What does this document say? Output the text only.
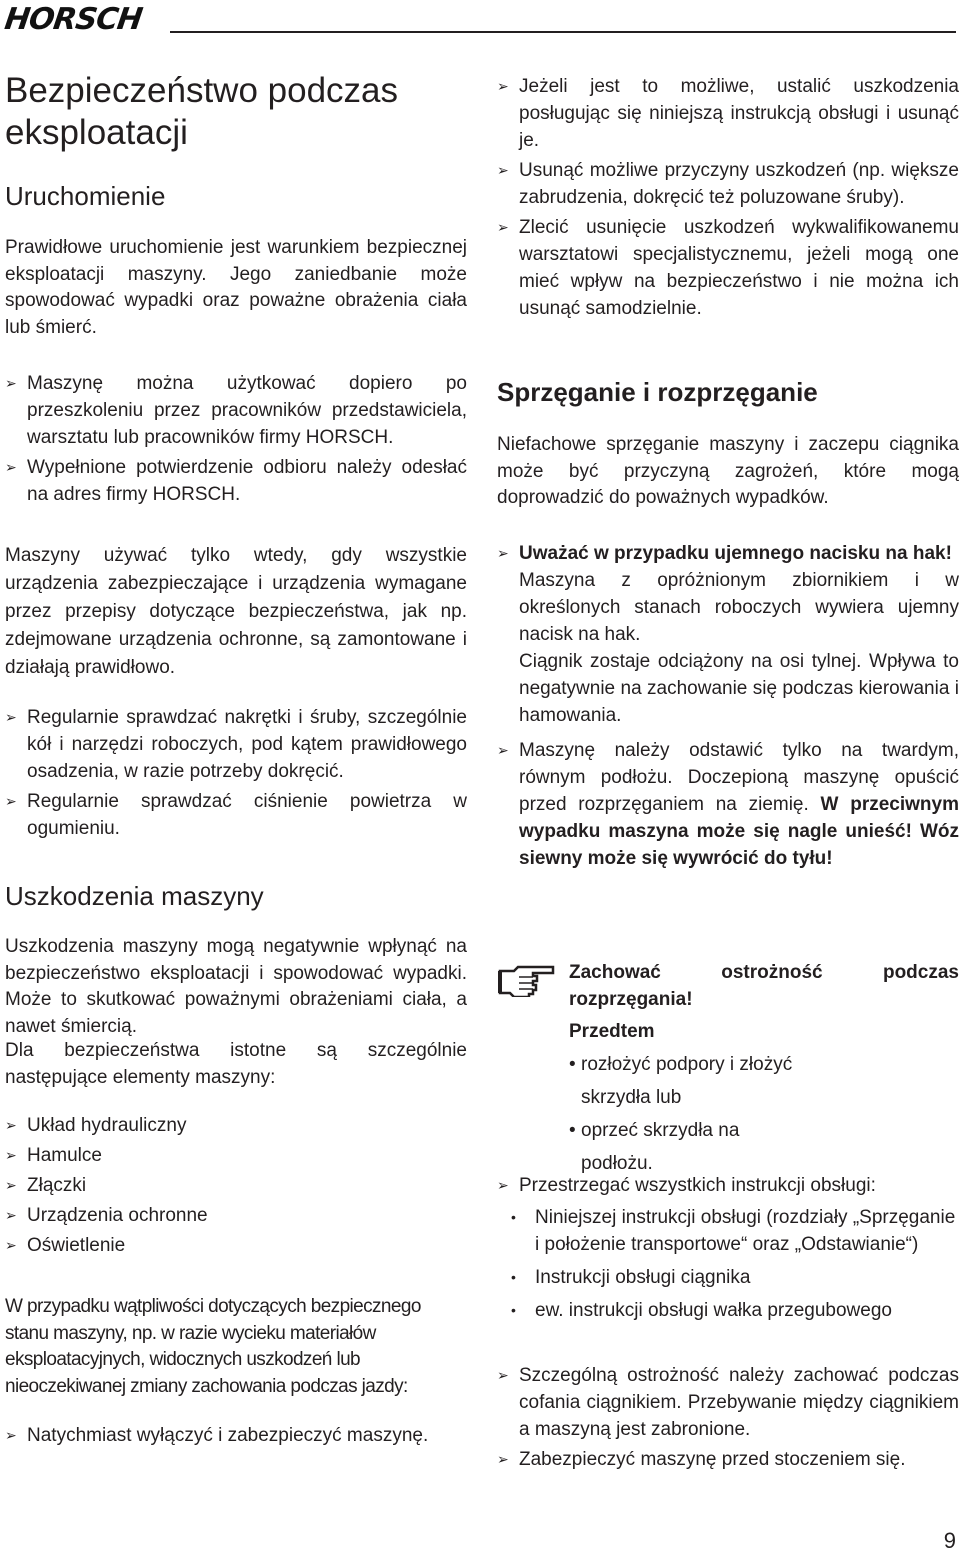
HORSCH
Bezpieczeństwo podczas eksploatacji
Uruchomienie

Prawidłowe uruchomienie jest warunkiem bezpiecznej eksploatacji maszyny. Jego zaniedbanie może spowodować wypadki oraz poważne obrażenia ciała lub śmierć.

➢ Maszynę można użytkować dopiero po przeszkoleniu przez pracowników przedstawiciela, warsztatu lub pracowników firmy HORSCH.
➢ Wypełnione potwierdzenie odbioru należy odesłać na adres firmy HORSCH.

Maszyny używać tylko wtedy, gdy wszystkie urządzenia zabezpieczające i urządzenia wymagane przez przepisy dotyczące bezpieczeństwa, jak np. zdejmowane urządzenia ochronne, są zamontowane i działają prawidłowo.

➢ Regularnie sprawdzać nakrętki i śruby, szczególnie kół i narzędzi roboczych, pod kątem prawidłowego osadzenia, w razie potrzeby dokręcić.
➢ Regularnie sprawdzać ciśnienie powietrza w ogumieniu.
Uszkodzenia maszyny

Uszkodzenia maszyny mogą negatywnie wpłynąć na bezpieczeństwo eksploatacji i spowodować wypadki. Może to skutkować poważnymi obrażeniami ciała, a nawet śmiercią.

Dla bezpieczeństwa istotne są szczególnie następujące elementy maszyny:

➢ Układ hydrauliczny
➢ Hamulce
➢ Złączki
➢ Urządzenia ochronne
➢ Oświetlenie

W przypadku wątpliwości dotyczących bezpiecznego stanu maszyny, np. w razie wycieku materiałów eksploatacyjnych, widocznych uszkodzeń lub nieoczekiwanej zmiany zachowania podczas jazdy:

➢ Natychmiast wyłączyć i zabezpieczyć maszynę.
➢ Jeżeli jest to możliwe, ustalić uszkodzenia posługując się niniejszą instrukcją obsługi i usunąć je.
➢ Usunąć możliwe przyczyny uszkodzeń (np. większe zabrudzenia, dokręcić też poluzowane śruby).
➢ Zlecić usunięcie uszkodzeń wykwalifikowanemu warsztatowi specjalistycznemu, jeżeli mogą one mieć wpływ na bezpieczeństwo i nie można ich usunąć samodzielnie.
Sprzęganie i rozprzęganie

Niefachowe sprzęganie maszyny i zaczepu ciągnika może być przyczyną zagrożeń, które mogą doprowadzić do poważnych wypadków.

➢ Uważać w przypadku ujemnego nacisku na hak!
Maszyna z opróżnionym zbiornikiem i w określonych stanach roboczych wywiera ujemny nacisk na hak.
Ciągnik zostaje odciążony na osi tylnej. Wpływa to negatywnie na zachowanie się podczas kierowania i hamowania.
➢ Maszynę należy odstawić tylko na twardym, równym podłożu. Doczepioną maszynę opuścić przed rozprzęganiem na ziemię. W przeciwnym wypadku maszyna może się nagle unieść! Wóz siewny może się wywrócić do tyłu!

Zachować ostrożność podczas rozprzęgania!

Przedtem

• rozłożyć podpory i złożyć skrzydła lub
• oprzeć skrzydła na podłożu.
➢ Przestrzegać wszystkich instrukcji obsługi:
• Niniejszej instrukcji obsługi (rozdziały „Sprzęganie i położenie transportowe“ oraz „Odstawianie“)
• Instrukcji obsługi ciągnika
• ew. instrukcji obsługi wałka przegubowego
➢ Szczególną ostrożność należy zachować podczas cofania ciągnikiem. Przebywanie między ciągnikiem a maszyną jest zabronione.
➢ Zabezpieczyć maszynę przed stoczeniem się.
9
